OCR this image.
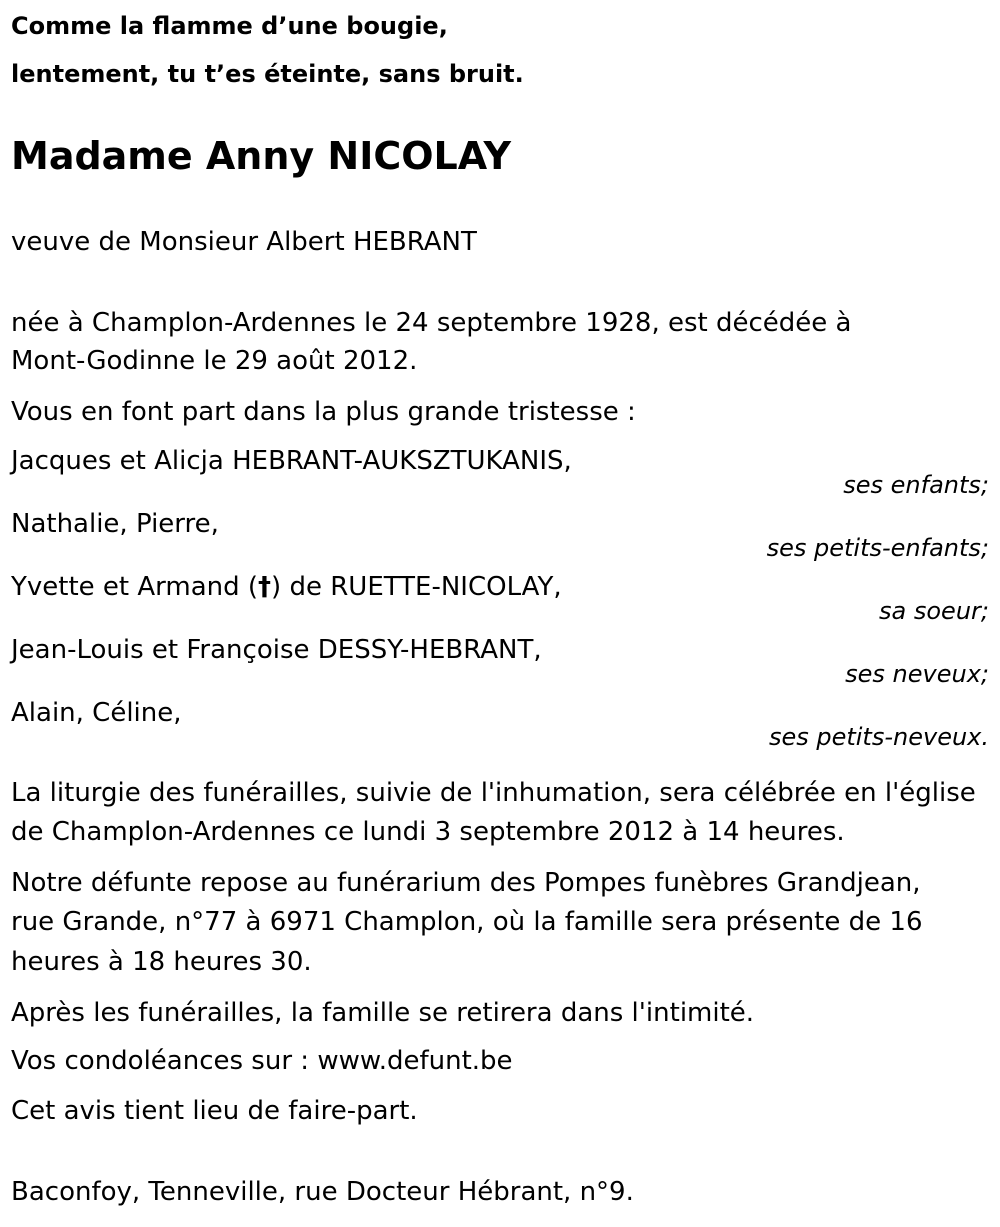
Comme la flamme d’une bougie,
lentement, tu t’es éteinte, sans bruit.
Madame Anny NICOLAY
veuve de Monsieur Albert HEBRANT
née à Champlon-Ardennes le 24 septembre 1928, est décédée à
Mont-Godinne le 29 août 2012.
Vous en font part dans la plus grande tristesse :
Jacques et Alicja HEBRANT-AUKSZTUKANIS,
ses enfants;
Nathalie, Pierre,
ses petits-enfants;
Yvette et Armand (†) de RUETTE-NICOLAY,
sa soeur;
Jean-Louis et Françoise DESSY-HEBRANT,
ses neveux;
Alain, Céline,
ses petits-neveux.
La liturgie des funérailles, suivie de l'inhumation, sera célébrée en l'église
de Champlon-Ardennes ce lundi 3 septembre 2012 à 14 heures.
Notre défunte repose au funérarium des Pompes funèbres Grandjean,
rue Grande, n°77 à 6971 Champlon, où la famille sera présente de 16
heures à 18 heures 30.
Après les funérailles, la famille se retirera dans l'intimité.
Vos condoléances sur : www.defunt.be
Cet avis tient lieu de faire-part.
Baconfoy, Tenneville, rue Docteur Hébrant, n°9.
